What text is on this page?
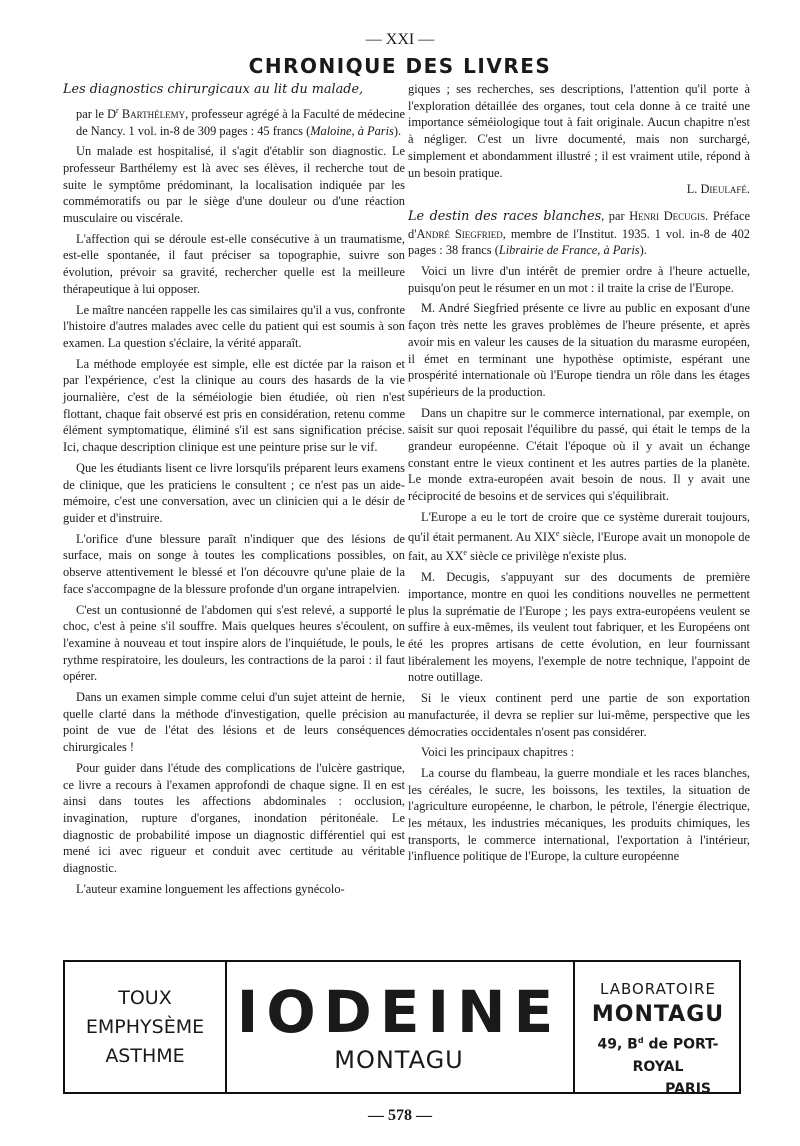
— XXI —
CHRONIQUE DES LIVRES

Les diagnostics chirurgicaux au lit du malade,

par le $D^r$ Barthélemy, professeur agrégé à la Faculté de médecine de Nancy. 1 vol. in-8 de 309 pages : 45 francs (Maloine, à Paris).

Un malade est hospitalisé, il s'agit d'établir son diagnostic. Le professeur Barthélemy est là avec ses élèves, il recherche tout de suite le symptôme prédominant, la localisation indiquée par les commémoratifs ou par le siège d'une douleur ou d'une réaction musculaire ou viscérale.

L'affection qui se déroule est-elle consécutive à un traumatisme, est-elle spontanée, il faut préciser sa topographie, suivre son évolution, prévoir sa gravité, rechercher quelle est la meilleure thérapeutique à lui opposer.

Le maître nancéen rappelle les cas similaires qu'il a vus, confronte l'histoire d'autres malades avec celle du patient qui est soumis à son examen. La question s'éclaire, la vérité apparaît.

La méthode employée est simple, elle est dictée par la raison et par l'expérience, c'est la clinique au cours des hasards de la vie journalière, c'est de la séméiologie bien étudiée, où rien n'est flottant, chaque fait observé est pris en considération, retenu comme élément symptomatique, éliminé s'il est sans signification précise. Ici, chaque description clinique est une peinture prise sur le vif.

Que les étudiants lisent ce livre lorsqu'ils préparent leurs examens de clinique, que les praticiens le consultent ; ce n'est pas un aide-mémoire, c'est une conversation, avec un clinicien qui a le désir de guider et d'instruire.

L'orifice d'une blessure paraît n'indiquer que des lésions de surface, mais on songe à toutes les complications possibles, on observe attentivement le blessé et l'on découvre qu'une plaie de la face s'accompagne de la blessure profonde d'un organe intrapelvien.

C'est un contusionné de l'abdomen qui s'est relevé, a supporté le choc, c'est à peine s'il souffre. Mais quelques heures s'écoulent, on l'examine à nouveau et tout inspire alors de l'inquiétude, le pouls, le rythme respiratoire, les douleurs, les contractions de la paroi : il faut opérer.

Dans un examen simple comme celui d'un sujet atteint de hernie, quelle clarté dans la méthode d'investigation, quelle précision au point de vue de l'état des lésions et de leurs conséquences chirurgicales !

Pour guider dans l'étude des complications de l'ulcère gastrique, ce livre a recours à l'examen approfondi de chaque signe. Il en est ainsi dans toutes les affections abdominales : occlusion, invagination, rupture d'organes, inondation péritonéale. Le diagnostic de probabilité impose un diagnostic différentiel qui est mené ici avec rigueur et conduit avec certitude au véritable diagnostic.

L'auteur examine longuement les affections gynécolo-

giques ; ses recherches, ses descriptions, l'attention qu'il porte à l'exploration détaillée des organes, tout cela donne à ce traité une importance séméiologique tout à fait originale. Aucun chapitre n'est à négliger. C'est un livre documenté, mais non surchargé, simplement et abondamment illustré ; il est vraiment utile, répond à un besoin pratique.

L. Dieulafé.

Le destin des races blanches, par Henri Decugis. Préface d'André Siegfried, membre de l'Institut. 1935. 1 vol. in-8 de 402 pages : 38 francs (Librairie de France, à Paris).

Voici un livre d'un intérêt de premier ordre à l'heure actuelle, puisqu'on peut le résumer en un mot : il traite la crise de l'Europe.

M. André Siegfried présente ce livre au public en exposant d'une façon très nette les graves problèmes de l'heure présente, et après avoir mis en valeur les causes de la situation du marasme européen, il émet en terminant une hypothèse optimiste, espérant une prospérité internationale où l'Europe tiendra un rôle dans les étages supérieurs de la production.

Dans un chapitre sur le commerce international, par exemple, on saisit sur quoi reposait l'équilibre du passé, qui était le temps de la grandeur européenne. C'était l'époque où il y avait un échange constant entre le vieux continent et les autres parties de la planète. Le monde extra-européen avait besoin de nous. Il y avait une réciprocité de besoins et de services qui s'équilibrait.

L'Europe a eu le tort de croire que ce système durerait toujours, qu'il était permanent. Au XIXe siècle, l'Europe avait un monopole de fait, au XXe siècle ce privilège n'existe plus.

M. Decugis, s'appuyant sur des documents de première importance, montre en quoi les conditions nouvelles ne permettent plus la suprématie de l'Europe ; les pays extra-européens veulent se suffire à eux-mêmes, ils veulent tout fabriquer, et les Européens ont été les propres artisans de cette évolution, en leur fournissant libéralement les moyens, l'exemple de notre technique, l'appoint de notre outillage.

Si le vieux continent perd une partie de son exportation manufacturée, il devra se replier sur lui-même, perspective que les démocraties occidentales n'osent pas considérer.

Voici les principaux chapitres :

La course du flambeau, la guerre mondiale et les races blanches, les céréales, le sucre, les boissons, les textiles, la situation de l'agriculture européenne, le charbon, le pétrole, l'énergie électrique, les métaux, les industries mécaniques, les produits chimiques, les transports, le commerce international, l'exportation à l'intérieur, l'influence politique de l'Europe, la culture européenne

TOUX
EMPHYSÈME
ASTHME
IODEINE
MONTAGU
LABORATOIRE
MONTAGU
49, $B^d$ de PORT-ROYAL
PARIS
— 578 —
